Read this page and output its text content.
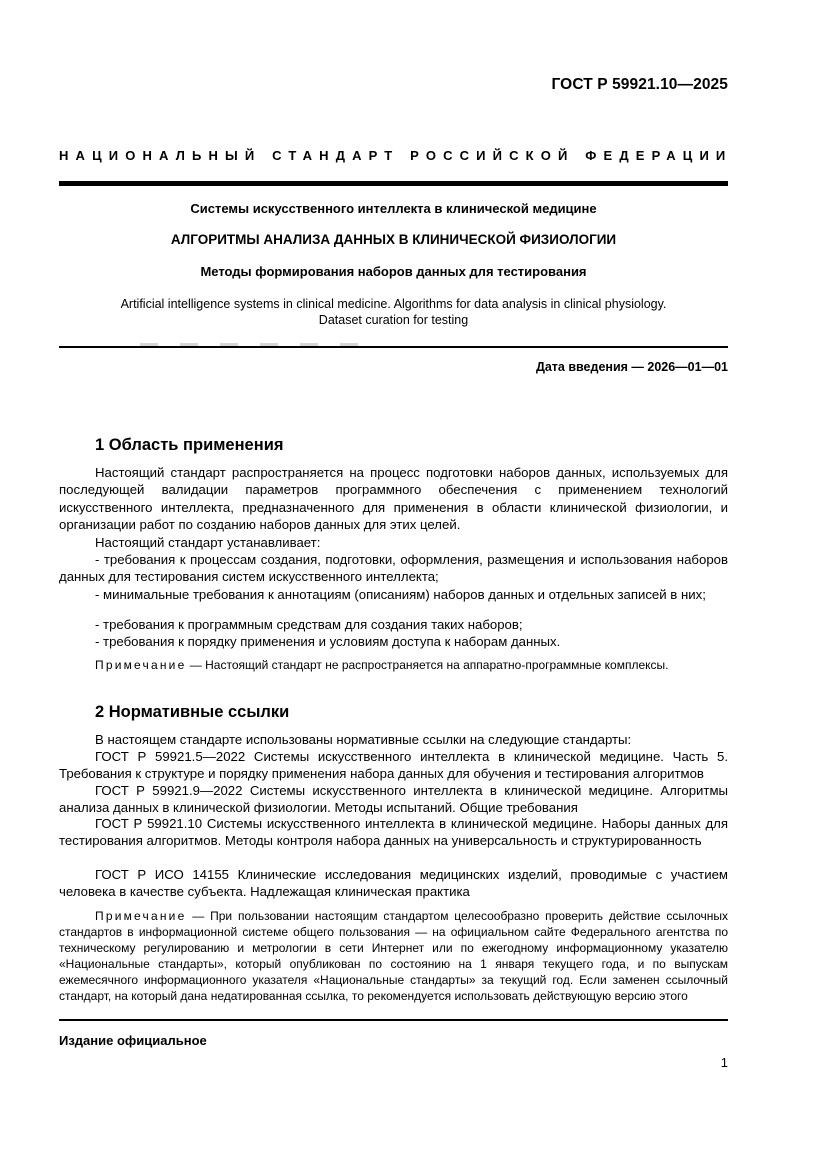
ГОСТ Р 59921.10—2025
НАЦИОНАЛЬНЫЙ СТАНДАРТ РОССИЙСКОЙ ФЕДЕРАЦИИ
Системы искусственного интеллекта в клинической медицине
АЛГОРИТМЫ АНАЛИЗА ДАННЫХ В КЛИНИЧЕСКОЙ ФИЗИОЛОГИИ
Методы формирования наборов данных для тестирования
Artificial intelligence systems in clinical medicine. Algorithms for data analysis in clinical physiology.
Dataset curation for testing
Дата введения — 2026—01—01
1 Область применения
Настоящий стандарт распространяется на процесс подготовки наборов данных, используемых для последующей валидации параметров программного обеспечения с применением технологий искусственного интеллекта, предназначенного для применения в области клинической физиологии, и организации работ по созданию наборов данных для этих целей.
Настоящий стандарт устанавливает:
- требования к процессам создания, подготовки, оформления, размещения и использования наборов данных для тестирования систем искусственного интеллекта;
- минимальные требования к аннотациям (описаниям) наборов данных и отдельных записей в них;
- требования к программным средствам для создания таких наборов;
- требования к порядку применения и условиям доступа к наборам данных.
Примечание — Настоящий стандарт не распространяется на аппаратно-программные комплексы.
2 Нормативные ссылки
В настоящем стандарте использованы нормативные ссылки на следующие стандарты:
ГОСТ Р 59921.5—2022 Системы искусственного интеллекта в клинической медицине. Часть 5. Требования к структуре и порядку применения набора данных для обучения и тестирования алгоритмов
ГОСТ Р 59921.9—2022 Системы искусственного интеллекта в клинической медицине. Алгоритмы анализа данных в клинической физиологии. Методы испытаний. Общие требования
ГОСТ Р 59921.10 Системы искусственного интеллекта в клинической медицине. Наборы данных для тестирования алгоритмов. Методы контроля набора данных на универсальность и структурированность
ГОСТ Р ИСО 14155 Клинические исследования медицинских изделий, проводимые с участием человека в качестве субъекта. Надлежащая клиническая практика
Примечание — При пользовании настоящим стандартом целесообразно проверить действие ссылочных стандартов в информационной системе общего пользования — на официальном сайте Федерального агентства по техническому регулированию и метрологии в сети Интернет или по ежегодному информационному указателю «Национальные стандарты», который опубликован по состоянию на 1 января текущего года, и по выпускам ежемесячного информационного указателя «Национальные стандарты» за текущий год. Если заменен ссылочный стандарт, на который дана недатированная ссылка, то рекомендуется использовать действующую версию этого
Издание официальное
1
